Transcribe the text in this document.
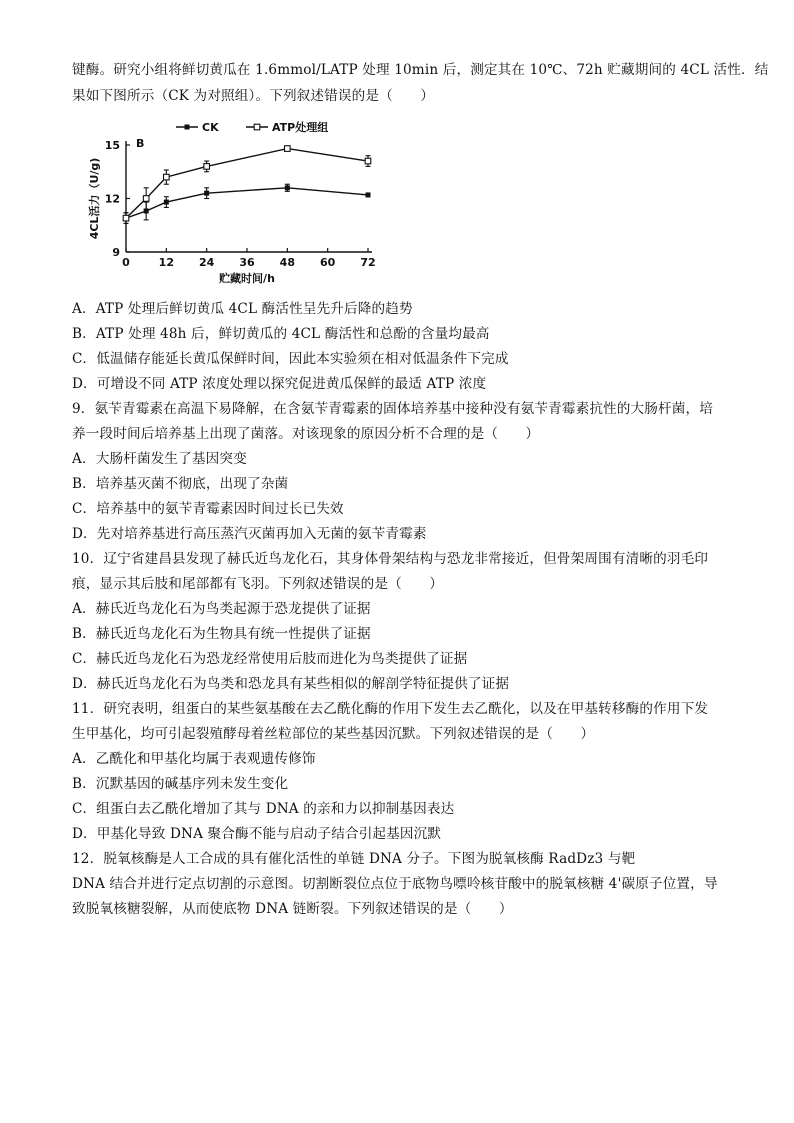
键酶。研究小组将鲜切黄瓜在 1.6mmol/LATP 处理 10min 后，测定其在 10℃、72h 贮藏期间的 4CL 活性．结
果如下图所示（CK 为对照组）。下列叙述错误的是（　　）
0	12 24 36 48 60 72
9
12
15 B
贮藏时间/h
4CL活力（U/g)
CK	ATP处理组
A．ATP 处理后鲜切黄瓜 4CL 酶活性呈先升后降的趋势
B．ATP 处理 48h 后，鲜切黄瓜的 4CL 酶活性和总酚的含量均最高
C．低温储存能延长黄瓜保鲜时间，因此本实验须在相对低温条件下完成
D．可增设不同 ATP 浓度处理以探究促进黄瓜保鲜的最适 ATP 浓度
9．氨苄青霉素在高温下易降解，在含氨苄青霉素的固体培养基中接种没有氨苄青霉素抗性的大肠杆菌，培
养一段时间后培养基上出现了菌落。对该现象的原因分析不合理的是（　　）
A．大肠杆菌发生了基因突变
B．培养基灭菌不彻底，出现了杂菌
C．培养基中的氨苄青霉素因时间过长已失效
D．先对培养基进行高压蒸汽灭菌再加入无菌的氨苄青霉素
10．辽宁省建昌县发现了赫氏近鸟龙化石，其身体骨架结构与恐龙非常接近，但骨架周围有清晰的羽毛印
痕，显示其后肢和尾部都有飞羽。下列叙述错误的是（　　）
A．赫氏近鸟龙化石为鸟类起源于恐龙提供了证据
B．赫氏近鸟龙化石为生物具有统一性提供了证据
C．赫氏近鸟龙化石为恐龙经常使用后肢而进化为鸟类提供了证据
D．赫氏近鸟龙化石为鸟类和恐龙具有某些相似的解剖学特征提供了证据
11．研究表明，组蛋白的某些氨基酸在去乙酰化酶的作用下发生去乙酰化，以及在甲基转移酶的作用下发
生甲基化，均可引起裂殖酵母着丝粒部位的某些基因沉默。下列叙述错误的是（　　）
A．乙酰化和甲基化均属于表观遗传修饰
B．沉默基因的碱基序列未发生变化
C．组蛋白去乙酰化增加了其与 DNA 的亲和力以抑制基因表达
D．甲基化导致 DNA 聚合酶不能与启动子结合引起基因沉默
12．脱氧核酶是人工合成的具有催化活性的单链 DNA 分子。下图为脱氧核酶 RadDz3 与靶
DNA 结合并进行定点切割的示意图。切割断裂位点位于底物鸟嘌呤核苷酸中的脱氧核糖 4'碳原子位置，导
致脱氧核糖裂解，从而使底物 DNA 链断裂。下列叙述错误的是（　　）
